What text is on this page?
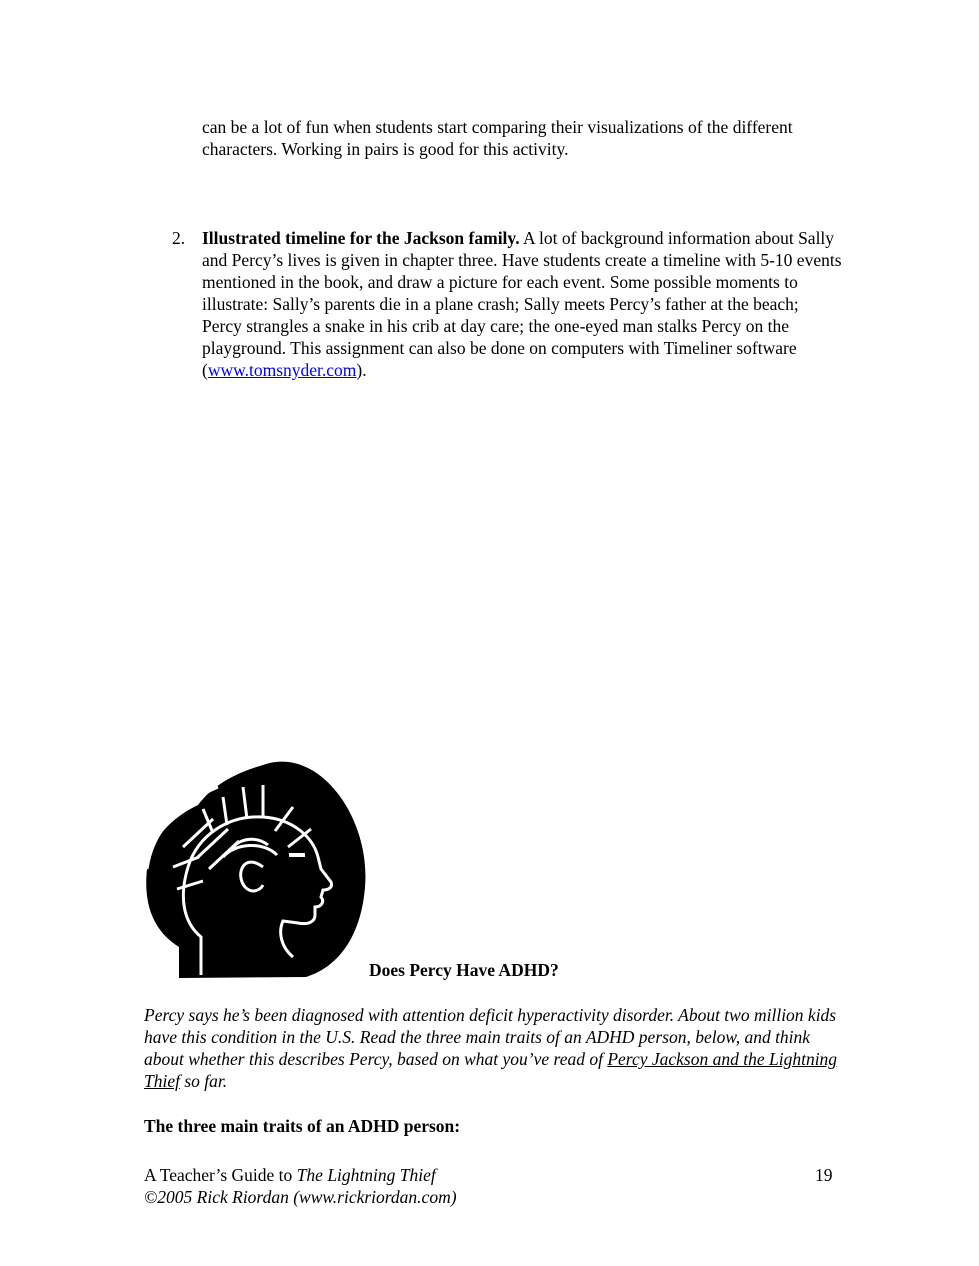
can be a lot of fun when students start comparing their visualizations of the different characters. Working in pairs is good for this activity.
2. Illustrated timeline for the Jackson family. A lot of background information about Sally and Percy’s lives is given in chapter three. Have students create a timeline with 5-10 events mentioned in the book, and draw a picture for each event. Some possible moments to illustrate: Sally’s parents die in a plane crash; Sally meets Percy’s father at the beach; Percy strangles a snake in his crib at day care; the one-eyed man stalks Percy on the playground. This assignment can also be done on computers with Timeliner software (www.tomsnyder.com).
Does Percy Have ADHD?
Percy says he’s been diagnosed with attention deficit hyperactivity disorder. About two million kids have this condition in the U.S. Read the three main traits of an ADHD person, below, and think about whether this describes Percy, based on what you’ve read of Percy Jackson and the Lightning Thief so far.
The three main traits of an ADHD person:
A Teacher’s Guide to The Lightning Thief
©2005 Rick Riordan (www.rickriordan.com)
19
